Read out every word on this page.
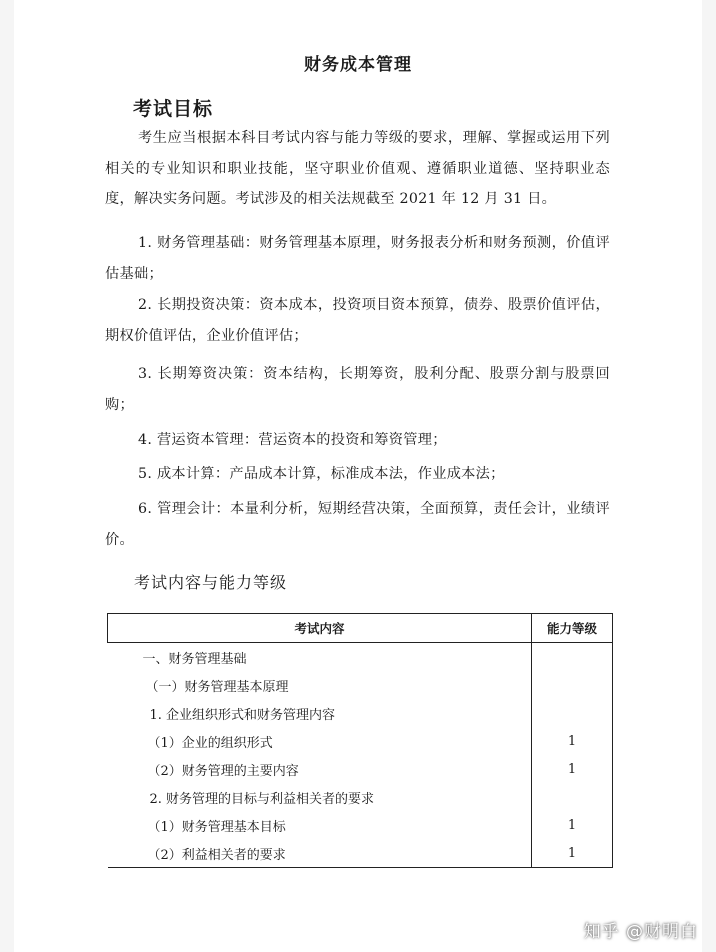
财务成本管理
考试目标
考生应当根据本科目考试内容与能力等级的要求，理解、掌握或运用下列相关的专业知识和职业技能，坚守职业价值观、遵循职业道德、坚持职业态度，解决实务问题。考试涉及的相关法规截至 2021 年 12 月 31 日。
1. 财务管理基础：财务管理基本原理，财务报表分析和财务预测，价值评估基础；
2. 长期投资决策：资本成本，投资项目资本预算，债券、股票价值评估，期权价值评估，企业价值评估；
3. 长期筹资决策：资本结构，长期筹资，股利分配、股票分割与股票回购；
4. 营运资本管理：营运资本的投资和筹资管理；
5. 成本计算：产品成本计算，标准成本法，作业成本法；
6. 管理会计：本量利分析，短期经营决策，全面预算，责任会计，业绩评价。
考试内容与能力等级
考试内容	能力等级
一、财务管理基础	
（一）财务管理基本原理	
1. 企业组织形式和财务管理内容	
（1）企业的组织形式	1
（2）财务管理的主要内容	1
2. 财务管理的目标与利益相关者的要求	
（1）财务管理基本目标	1
（2）利益相关者的要求	1
知乎 @财明白
